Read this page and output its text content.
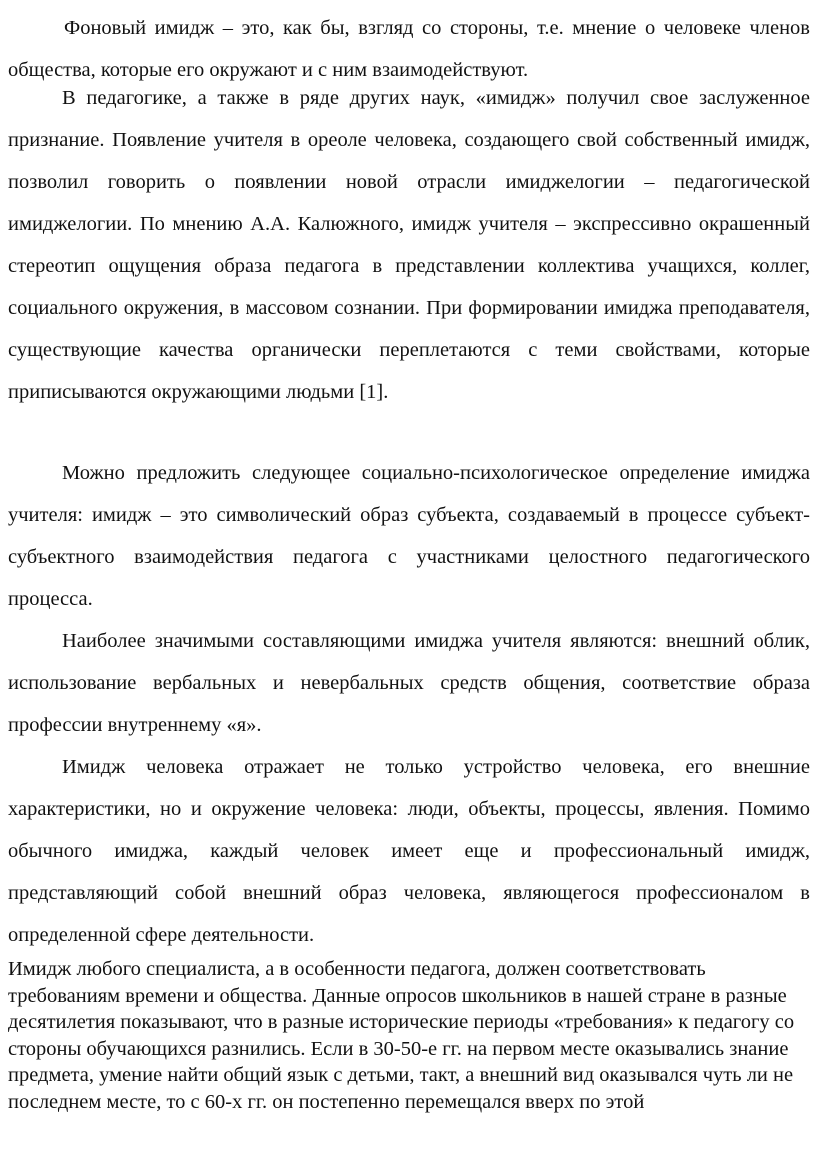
Фоновый имидж – это, как бы, взгляд со стороны, т.е. мнение о человеке членов общества, которые его окружают и с ним взаимодействуют.

В педагогике, а также в ряде других наук, «имидж» получил свое заслуженное признание. Появление учителя в ореоле человека, создающего свой собственный имидж, позволил говорить о появлении новой отрасли имиджелогии – педагогической имиджелогии. По мнению А.А. Калюжного, имидж учителя – экспрессивно окрашенный стереотип ощущения образа педагога в представлении коллектива учащихся, коллег, социального окружения, в массовом сознании. При формировании имиджа преподавателя, существующие качества органически переплетаются с теми свойствами, которые приписываются окружающими людьми [1].

Можно предложить следующее социально-психологическое определение имиджа учителя: имидж – это символический образ субъекта, создаваемый в процессе субъект-субъектного взаимодействия педагога с участниками целостного педагогического процесса.

Наиболее значимыми составляющими имиджа учителя являются: внешний облик, использование вербальных и невербальных средств общения, соответствие образа профессии внутреннему «я».

Имидж человека отражает не только устройство человека, его внешние характеристики, но и окружение человека: люди, объекты, процессы, явления. Помимо обычного имиджа, каждый человек имеет еще и профессиональный имидж, представляющий собой внешний образ человека, являющегося профессионалом в определенной сфере деятельности.

Имидж любого специалиста, а в особенности педагога, должен соответствовать требованиям времени и общества. Данные опросов школьников в нашей стране в разные десятилетия показывают, что в разные исторические периоды «требования» к педагогу со стороны обучающихся разнились. Если в 30-50-е гг. на первом месте оказывались знание предмета, умение найти общий язык с детьми, такт, а внешний вид оказывался чуть ли не последнем месте, то с 60-х гг. он постепенно перемещался вверх по этой
